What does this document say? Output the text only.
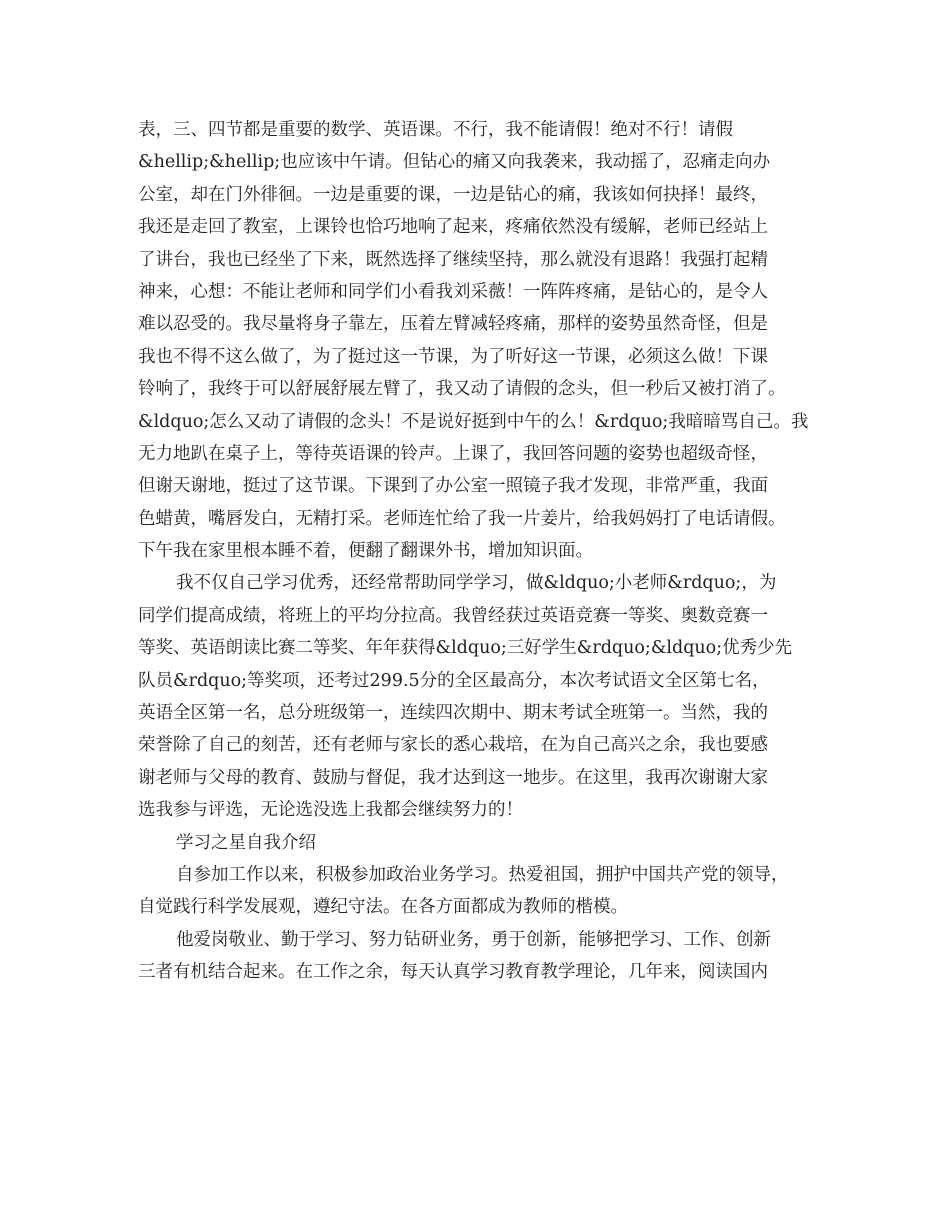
表，三、四节都是重要的数学、英语课。不行，我不能请假！绝对不行！请假
&hellip;&hellip;也应该中午请。但钻心的痛又向我袭来，我动摇了，忍痛走向办
公室，却在门外徘徊。一边是重要的课，一边是钻心的痛，我该如何抉择！最终，
我还是走回了教室，上课铃也恰巧地响了起来，疼痛依然没有缓解，老师已经站上
了讲台，我也已经坐了下来，既然选择了继续坚持，那么就没有退路！我强打起精
神来，心想：不能让老师和同学们小看我刘采薇！一阵阵疼痛，是钻心的，是令人
难以忍受的。我尽量将身子靠左，压着左臂减轻疼痛，那样的姿势虽然奇怪，但是
我也不得不这么做了，为了挺过这一节课，为了听好这一节课，必须这么做！下课
铃响了，我终于可以舒展舒展左臂了，我又动了请假的念头，但一秒后又被打消了。
&ldquo;怎么又动了请假的念头！不是说好挺到中午的么！&rdquo;我暗暗骂自己。我
无力地趴在桌子上，等待英语课的铃声。上课了，我回答问题的姿势也超级奇怪，
但谢天谢地，挺过了这节课。下课到了办公室一照镜子我才发现，非常严重，我面
色蜡黄，嘴唇发白，无精打采。老师连忙给了我一片姜片，给我妈妈打了电话请假。
下午我在家里根本睡不着，便翻了翻课外书，增加知识面。
我不仅自己学习优秀，还经常帮助同学学习，做&ldquo;小老师&rdquo;，为
同学们提高成绩，将班上的平均分拉高。我曾经获过英语竞赛一等奖、奥数竞赛一
等奖、英语朗读比赛二等奖、年年获得&ldquo;三好学生&rdquo;&ldquo;优秀少先
队员&rdquo;等奖项，还考过299.5分的全区最高分，本次考试语文全区第七名，
英语全区第一名，总分班级第一，连续四次期中、期末考试全班第一。当然，我的
荣誉除了自己的刻苦，还有老师与家长的悉心栽培，在为自己高兴之余，我也要感
谢老师与父母的教育、鼓励与督促，我才达到这一地步。在这里，我再次谢谢大家
选我参与评选，无论选没选上我都会继续努力的！
学习之星自我介绍
自参加工作以来，积极参加政治业务学习。热爱祖国，拥护中国共产党的领导，
自觉践行科学发展观，遵纪守法。在各方面都成为教师的楷模。
他爱岗敬业、勤于学习、努力钻研业务，勇于创新，能够把学习、工作、创新
三者有机结合起来。在工作之余，每天认真学习教育教学理论，几年来，阅读国内
